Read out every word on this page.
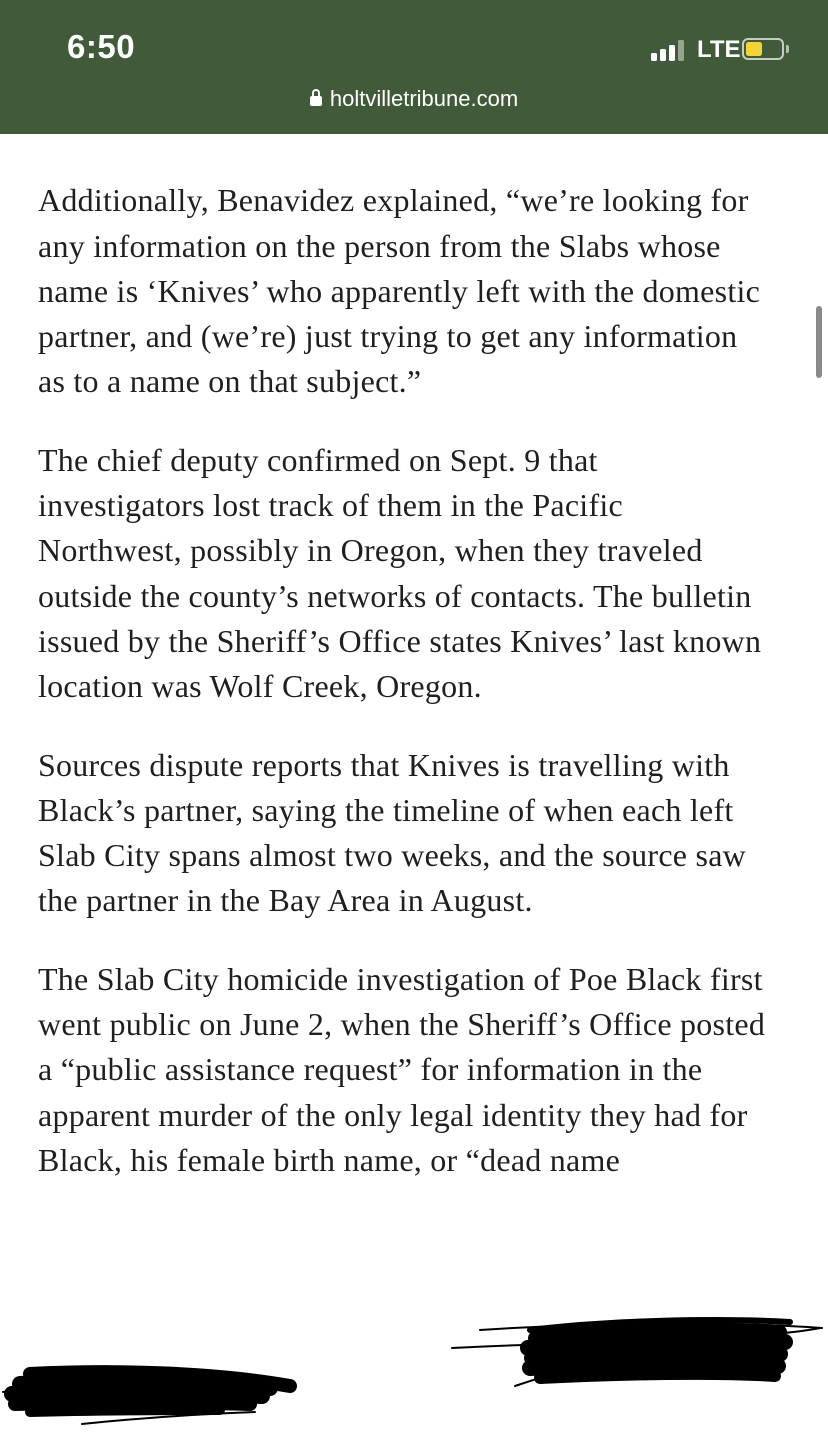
6:50	LTE
holtvilletribune.com

Additionally, Benavidez explained, “we’re looking for any information on the person from the Slabs whose name is ‘Knives’ who apparently left with the domestic partner, and (we’re) just trying to get any information as to a name on that subject.”

The chief deputy confirmed on Sept. 9 that investigators lost track of them in the Pacific Northwest, possibly in Oregon, when they traveled outside the county’s networks of contacts. The bulletin issued by the Sheriff’s Office states Knives’ last known location was Wolf Creek, Oregon.

Sources dispute reports that Knives is travelling with Black’s partner, saying the timeline of when each left Slab City spans almost two weeks, and the source saw the partner in the Bay Area in August.

The Slab City homicide investigation of Poe Black first went public on June 2, when the Sheriff’s Office posted a “public assistance request” for information in the apparent murder of the only legal identity they had for Black, his female birth name, or “dead name
